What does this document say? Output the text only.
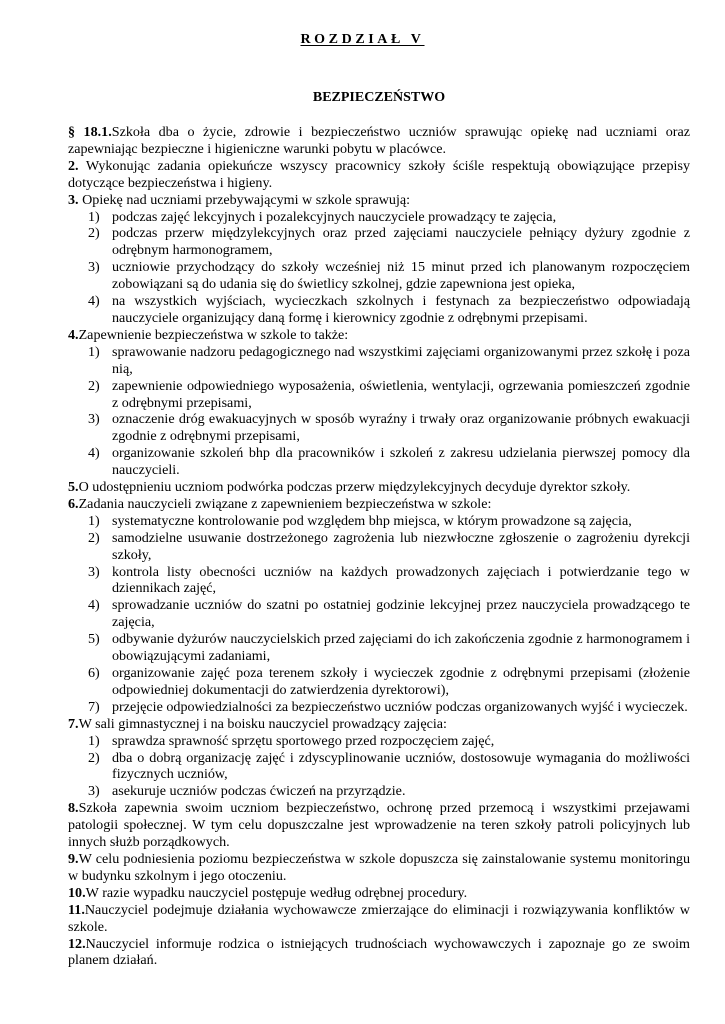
ROZDZIAŁ V
BEZPIECZEŃSTWO

§ 18.1.Szkoła dba o życie, zdrowie i bezpieczeństwo uczniów sprawując opiekę nad uczniami oraz zapewniając bezpieczne i higieniczne warunki pobytu w placówce.

2. Wykonując zadania opiekuńcze wszyscy pracownicy szkoły ściśle respektują obowiązujące przepisy dotyczące bezpieczeństwa i higieny.

3. Opiekę nad uczniami przebywającymi w szkole sprawują:

1) podczas zajęć lekcyjnych i pozalekcyjnych nauczyciele prowadzący te zajęcia,
2) podczas przerw międzylekcyjnych oraz przed zajęciami nauczyciele pełniący dyżury zgodnie z odrębnym harmonogramem,
3) uczniowie przychodzący do szkoły wcześniej niż 15 minut przed ich planowanym rozpoczęciem zobowiązani są do udania się do świetlicy szkolnej, gdzie zapewniona jest opieka,
4) na wszystkich wyjściach, wycieczkach szkolnych i festynach za bezpieczeństwo odpowiadają nauczyciele organizujący daną formę i kierownicy zgodnie z odrębnymi przepisami.

4.Zapewnienie bezpieczeństwa w szkole to także:

1) sprawowanie nadzoru pedagogicznego nad wszystkimi zajęciami organizowanymi przez szkołę i poza nią,
2) zapewnienie odpowiedniego wyposażenia, oświetlenia, wentylacji, ogrzewania pomieszczeń zgodnie z odrębnymi przepisami,
3) oznaczenie dróg ewakuacyjnych w sposób wyraźny i trwały oraz organizowanie próbnych ewakuacji zgodnie z odrębnymi przepisami,
4) organizowanie szkoleń bhp dla pracowników i szkoleń z zakresu udzielania pierwszej pomocy dla nauczycieli.

5.O udostępnieniu uczniom podwórka podczas przerw międzylekcyjnych decyduje dyrektor szkoły.

6.Zadania nauczycieli związane z zapewnieniem bezpieczeństwa w szkole:

1) systematyczne kontrolowanie pod względem bhp miejsca, w którym prowadzone są zajęcia,
2) samodzielne usuwanie dostrzeżonego zagrożenia lub niezwłoczne zgłoszenie o zagrożeniu dyrekcji szkoły,
3) kontrola listy obecności uczniów na każdych prowadzonych zajęciach i potwierdzanie tego w dziennikach zajęć,
4) sprowadzanie uczniów do szatni po ostatniej godzinie lekcyjnej przez nauczyciela prowadzącego te zajęcia,
5) odbywanie dyżurów nauczycielskich przed zajęciami do ich zakończenia zgodnie z harmonogramem i obowiązującymi zadaniami,
6) organizowanie zajęć poza terenem szkoły i wycieczek zgodnie z odrębnymi przepisami (złożenie odpowiedniej dokumentacji do zatwierdzenia dyrektorowi),
7) przejęcie odpowiedzialności za bezpieczeństwo uczniów podczas organizowanych wyjść i wycieczek.

7.W sali gimnastycznej i na boisku nauczyciel prowadzący zajęcia:

1) sprawdza sprawność sprzętu sportowego przed rozpoczęciem zajęć,
2) dba o dobrą organizację zajęć i zdyscyplinowanie uczniów, dostosowuje wymagania do możliwości fizycznych uczniów,
3) asekuruje uczniów podczas ćwiczeń na przyrządzie.

8.Szkoła zapewnia swoim uczniom bezpieczeństwo, ochronę przed przemocą i wszystkimi przejawami patologii społecznej. W tym celu dopuszczalne jest wprowadzenie na teren szkoły patroli policyjnych lub innych służb porządkowych.

9.W celu podniesienia poziomu bezpieczeństwa w szkole dopuszcza się zainstalowanie systemu monitoringu w budynku szkolnym i jego otoczeniu.

10.W razie wypadku nauczyciel postępuje według odrębnej procedury.

11.Nauczyciel podejmuje działania wychowawcze zmierzające do eliminacji i rozwiązywania konfliktów w szkole.

12.Nauczyciel informuje rodzica o istniejących trudnościach wychowawczych i zapoznaje go ze swoim planem działań.
